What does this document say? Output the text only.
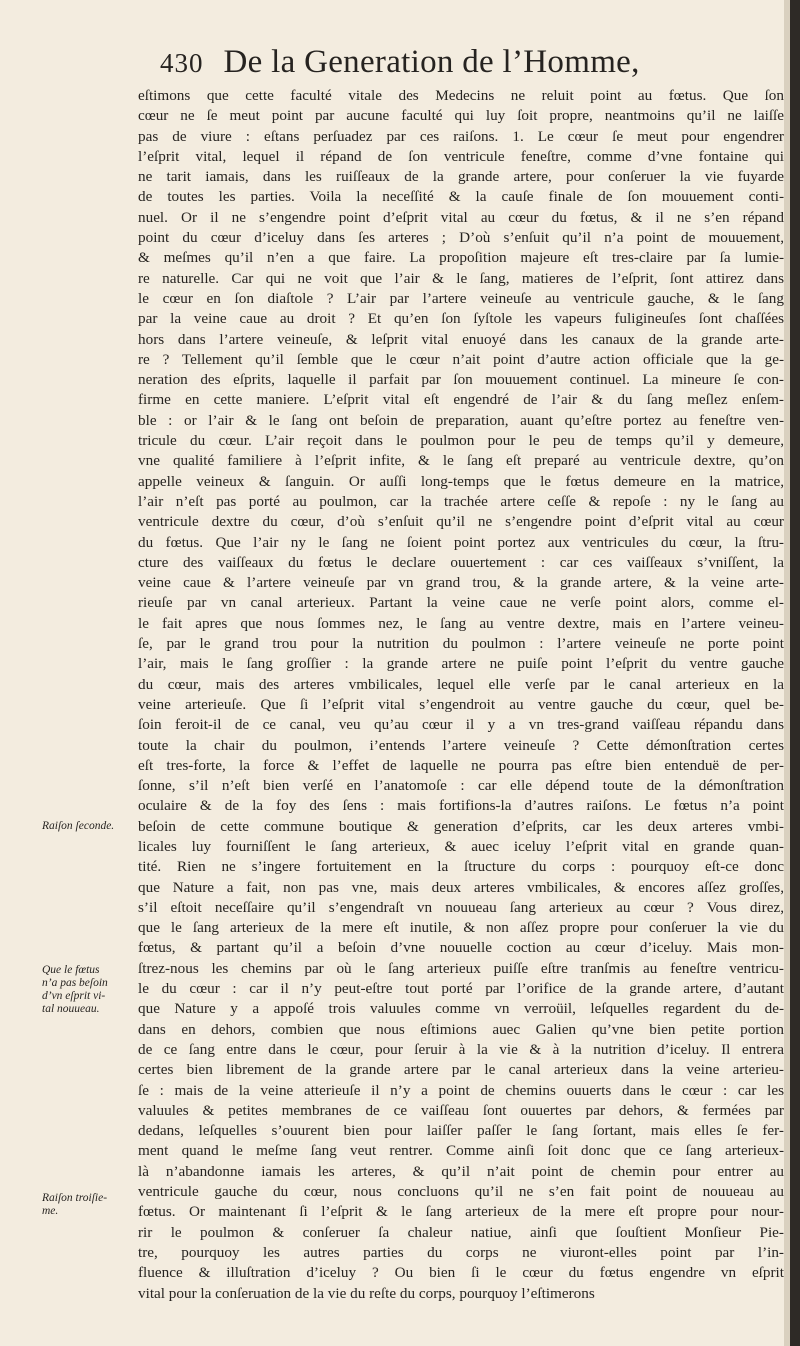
430 De la Generation de l’Homme,
eſtimons que cette faculté vitale des Medecins ne reluit point au fœtus. Que ſon
cœur ne ſe meut point par aucune faculté qui luy ſoit propre, neantmoins qu’il ne laiſſe
pas de viure : eſtans perſuadez par ces raiſons. 1. Le cœur ſe meut pour engendrer
l’eſprit vital, lequel il répand de ſon ventricule feneſtre, comme d’vne fontaine qui
ne tarit iamais, dans les ruiſſeaux de la grande artere, pour conſeruer la vie fuyarde
de toutes les parties. Voila la neceſſité & la cauſe finale de ſon mouuement conti-
nuel. Or il ne s’engendre point d’eſprit vital au cœur du fœtus, & il ne s’en répand
point du cœur d’iceluy dans ſes arteres ; D’où s’enſuit qu’il n’a point de mouuement,
& meſmes qu’il n’en a que faire. La propoſition majeure eſt tres-claire par ſa lumie-
re naturelle. Car qui ne voit que l’air & le ſang, matieres de l’eſprit, ſont attirez dans
le cœur en ſon diaſtole ? L’air par l’artere veineuſe au ventricule gauche, & le ſang
par la veine caue au droit ? Et qu’en ſon ſyſtole les vapeurs fuligineuſes ſont chaſſées
hors dans l’artere veineuſe, & leſprit vital enuoyé dans les canaux de la grande arte-
re ? Tellement qu’il ſemble que le cœur n’ait point d’autre action officiale que la ge-
neration des eſprits, laquelle il parfait par ſon mouuement continuel. La mineure ſe con-
firme en cette maniere. L’eſprit vital eſt engendré de l’air & du ſang meſlez enſem-
ble : or l’air & le ſang ont beſoin de preparation, auant qu’eſtre portez au feneſtre ven-
tricule du cœur. L’air reçoit dans le poulmon pour le peu de temps qu’il y demeure,
vne qualité familiere à l’eſprit infite, & le ſang eſt preparé au ventricule dextre, qu’on
appelle veineux & ſanguin. Or auſſi long-temps que le fœtus demeure en la matrice,
l’air n’eſt pas porté au poulmon, car la trachée artere ceſſe & repoſe : ny le ſang au
ventricule dextre du cœur, d’où s’enſuit qu’il ne s’engendre point d’eſprit vital au cœur
du fœtus. Que l’air ny le ſang ne ſoient point portez aux ventricules du cœur, la ſtru-
cture des vaiſſeaux du fœtus le declare ouuertement : car ces vaiſſeaux s’vniſſent, la
veine caue & l’artere veineuſe par vn grand trou, & la grande artere, & la veine arte-
rieuſe par vn canal arterieux. Partant la veine caue ne verſe point alors, comme el-
le fait apres que nous ſommes nez, le ſang au ventre dextre, mais en l’artere veineu-
ſe, par le grand trou pour la nutrition du poulmon : l’artere veineuſe ne porte point
l’air, mais le ſang groſſier : la grande artere ne puiſe point l’eſprit du ventre gauche
du cœur, mais des arteres vmbilicales, lequel elle verſe par le canal arterieux en la
veine arterieuſe. Que ſi l’eſprit vital s’engendroit au ventre gauche du cœur, quel be-
ſoin feroit-il de ce canal, veu qu’au cœur il y a vn tres-grand vaiſſeau répandu dans
toute la chair du poulmon, i’entends l’artere veineuſe ? Cette démonſtration certes
eſt tres-forte, la force & l’effet de laquelle ne pourra pas eſtre bien entenduë de per-
ſonne, s’il n’eſt bien verſé en l’anatomoſe : car elle dépend toute de la démonſtration
oculaire & de la foy des ſens : mais fortifions-la d’autres raiſons. Le fœtus n’a point
beſoin de cette commune boutique & generation d’eſprits, car les deux arteres vmbi-
licales luy fourniſſent le ſang arterieux, & auec iceluy l’eſprit vital en grande quan-
tité. Rien ne s’ingere fortuitement en la ſtructure du corps : pourquoy eſt-ce donc
que Nature a fait, non pas vne, mais deux arteres vmbilicales, & encores aſſez groſſes,
s’il eſtoit neceſſaire qu’il s’engendraſt vn nouueau ſang arterieux au cœur ? Vous direz,
que le ſang arterieux de la mere eſt inutile, & non aſſez propre pour conſeruer la vie du
fœtus, & partant qu’il a beſoin d’vne nouuelle coction au cœur d’iceluy. Mais mon-
ſtrez-nous les chemins par où le ſang arterieux puiſſe eſtre tranſmis au feneſtre ventricu-
le du cœur : car il n’y peut-eſtre tout porté par l’orifice de la grande artere, d’autant
que Nature y a appoſé trois valuules comme vn verroüil, leſquelles regardent du de-
dans en dehors, combien que nous eſtimions auec Galien qu’vne bien petite portion
de ce ſang entre dans le cœur, pour ſeruir à la vie & à la nutrition d’iceluy. Il entrera
certes bien librement de la grande artere par le canal arterieux dans la veine arterieu-
ſe : mais de la veine atterieuſe il n’y a point de chemins ouuerts dans le cœur : car les
valuules & petites membranes de ce vaiſſeau ſont ouuertes par dehors, & fermées par
dedans, leſquelles s’ouurent bien pour laiſſer paſſer le ſang ſortant, mais elles ſe fer-
ment quand le meſme ſang veut rentrer. Comme ainſi ſoit donc que ce ſang arterieux-
là n’abandonne iamais les arteres, & qu’il n’ait point de chemin pour entrer au
ventricule gauche du cœur, nous concluons qu’il ne s’en fait point de nouueau au
fœtus. Or maintenant ſi l’eſprit & le ſang arterieux de la mere eſt propre pour nour-
rir le poulmon & conſeruer ſa chaleur natiue, ainſi que ſouſtient Monſieur Pie-
tre, pourquoy les autres parties du corps ne viuront-elles point par l’in-
fluence & illuſtration d’iceluy ? Ou bien ſi le cœur du fœtus engendre vn eſprit
vital pour la conſeruation de la vie du reſte du corps, pourquoy l’eſtimerons
Raiſon ſeconde.
Que le fœtus
n’a pas beſoin
d’vn eſprit vi-
tal nouueau.
Raiſon troiſie-
me.
